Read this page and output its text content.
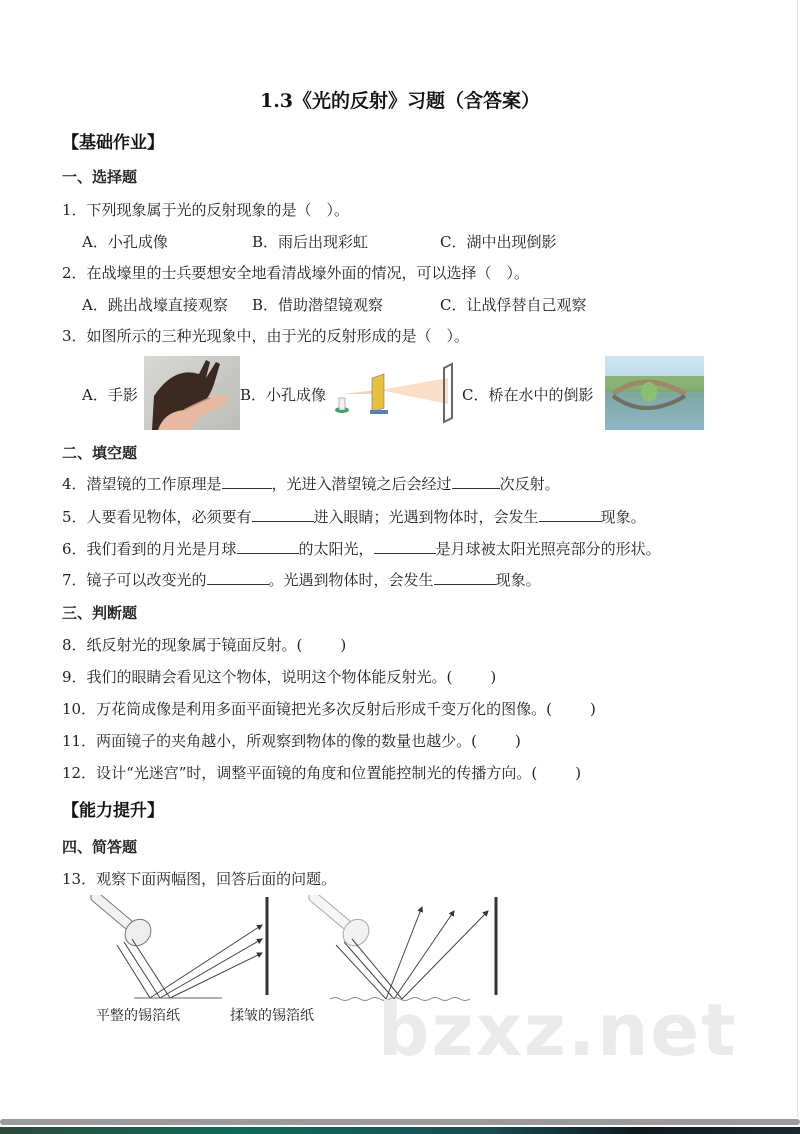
1.3《光的反射》习题（含答案）
【基础作业】
一、选择题
1．下列现象属于光的反射现象的是（　）。
A．小孔成像	B．雨后出现彩虹	C．湖中出现倒影
2．在战壕里的士兵要想安全地看清战壕外面的情况，可以选择（　）。
A．跳出战壕直接观察 B．借助潜望镜观察	C．让战俘替自己观察
3．如图所示的三种光现象中，由于光的反射形成的是（　）。
A．手影	B．小孔成像	C．桥在水中的倒影
二、填空题
4．潜望镜的工作原理是	，光进入潜望镜之后会经过	次反射。
5．人要看见物体，必须要有	进入眼睛；光遇到物体时，会发生	现象。
6．我们看到的月光是月球	的太阳光，	是月球被太阳光照亮部分的形状。
7．镜子可以改变光的	。光遇到物体时，会发生	现象。
三、判断题
8．纸反射光的现象属于镜面反射。(	)
9．我们的眼睛会看见这个物体，说明这个物体能反射光。(	)
10．万花筒成像是利用多面平面镜把光多次反射后形成千变万化的图像。(	)
11．两面镜子的夹角越小，所观察到物体的像的数量也越少。(	)
12．设计“光迷宫”时，调整平面镜的角度和位置能控制光的传播方向。(	)
【能力提升】
四、简答题
13．观察下面两幅图，回答后面的问题。
平整的锡箔纸	揉皱的锡箔纸 bzxz.net
